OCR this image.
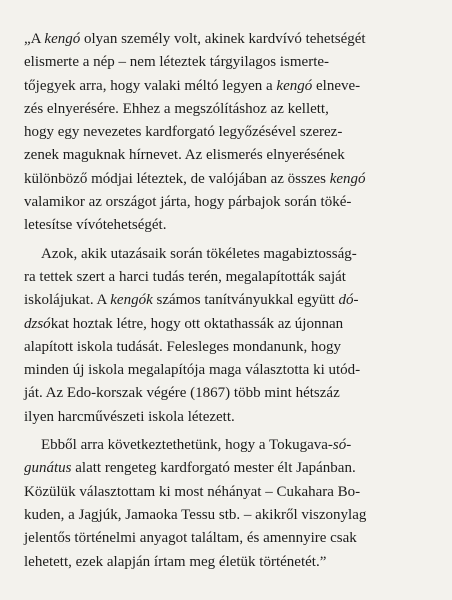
„A kengó olyan személy volt, akinek kardvívó tehetségét
elismerte a nép – nem léteztek tárgyilagos ismerte-
tőjegyek arra, hogy valaki méltó legyen a kengó elneve-
zés elnyerésére. Ehhez a megszólításhoz az kellett,
hogy egy nevezetes kardforgató legyőzésével szerez-
zenek maguknak hírnevet. Az elismerés elnyerésének
különböző módjai léteztek, de valójában az összes kengó
valamikor az országot járta, hogy párbajok során töké-
letesítse vívótehetségét.
Azok, akik utazásaik során tökéletes magabiztosság-
ra tettek szert a harci tudás terén, megalapították saját
iskolájukat. A kengók számos tanítványukkal együtt dó-
dzsókat hoztak létre, hogy ott oktathassák az újonnan
alapított iskola tudását. Felesleges mondanunk, hogy
minden új iskola megalapítója maga választotta ki utód-
ját. Az Edo-korszak végére (1867) több mint hétszáz
ilyen harcművészeti iskola létezett.
Ebből arra következtethetünk, hogy a Tokugava-só-
gunátus alatt rengeteg kardforgató mester élt Japánban.
Közülük választottam ki most néhányat – Cukahara Bo-
kuden, a Jagjúk, Jamaoka Tessu stb. – akikről viszonylag
jelentős történelmi anyagot találtam, és amennyire csak
lehetett, ezek alapján írtam meg életük történetét.”
